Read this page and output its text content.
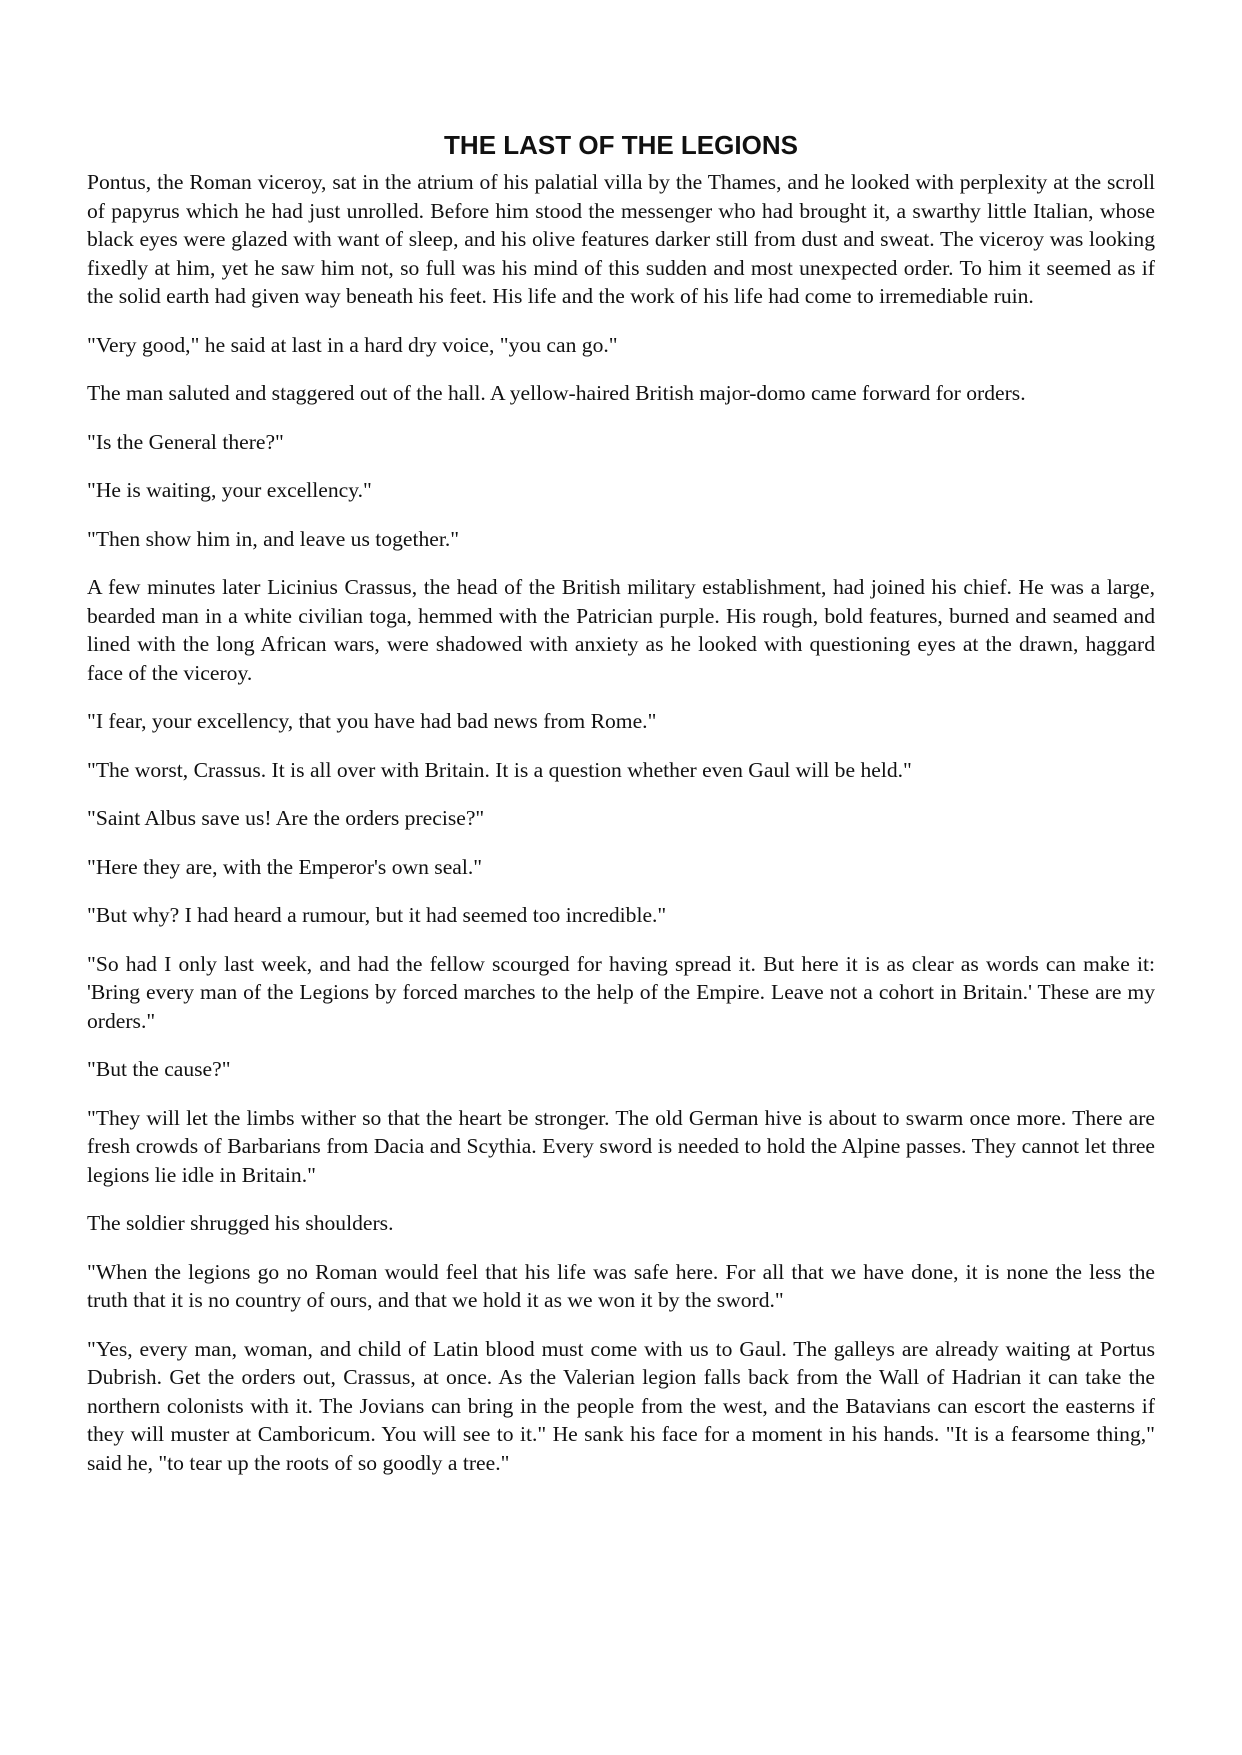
THE LAST OF THE LEGIONS

Pontus, the Roman viceroy, sat in the atrium of his palatial villa by the Thames, and he looked with perplexity at the scroll of papyrus which he had just unrolled. Before him stood the messenger who had brought it, a swarthy little Italian, whose black eyes were glazed with want of sleep, and his olive features darker still from dust and sweat. The viceroy was looking fixedly at him, yet he saw him not, so full was his mind of this sudden and most unexpected order. To him it seemed as if the solid earth had given way beneath his feet. His life and the work of his life had come to irremediable ruin.

"Very good," he said at last in a hard dry voice, "you can go."

The man saluted and staggered out of the hall. A yellow-haired British major-domo came forward for orders.

"Is the General there?"

"He is waiting, your excellency."

"Then show him in, and leave us together."

A few minutes later Licinius Crassus, the head of the British military establishment, had joined his chief. He was a large, bearded man in a white civilian toga, hemmed with the Patrician purple. His rough, bold features, burned and seamed and lined with the long African wars, were shadowed with anxiety as he looked with questioning eyes at the drawn, haggard face of the viceroy.

"I fear, your excellency, that you have had bad news from Rome."

"The worst, Crassus. It is all over with Britain. It is a question whether even Gaul will be held."

"Saint Albus save us! Are the orders precise?"

"Here they are, with the Emperor's own seal."

"But why? I had heard a rumour, but it had seemed too incredible."

"So had I only last week, and had the fellow scourged for having spread it. But here it is as clear as words can make it: 'Bring every man of the Legions by forced marches to the help of the Empire. Leave not a cohort in Britain.' These are my orders."

"But the cause?"

"They will let the limbs wither so that the heart be stronger. The old German hive is about to swarm once more. There are fresh crowds of Barbarians from Dacia and Scythia. Every sword is needed to hold the Alpine passes. They cannot let three legions lie idle in Britain."

The soldier shrugged his shoulders.

"When the legions go no Roman would feel that his life was safe here. For all that we have done, it is none the less the truth that it is no country of ours, and that we hold it as we won it by the sword."

"Yes, every man, woman, and child of Latin blood must come with us to Gaul. The galleys are already waiting at Portus Dubrish. Get the orders out, Crassus, at once. As the Valerian legion falls back from the Wall of Hadrian it can take the northern colonists with it. The Jovians can bring in the people from the west, and the Batavians can escort the easterns if they will muster at Camboricum. You will see to it." He sank his face for a moment in his hands. "It is a fearsome thing," said he, "to tear up the roots of so goodly a tree."
